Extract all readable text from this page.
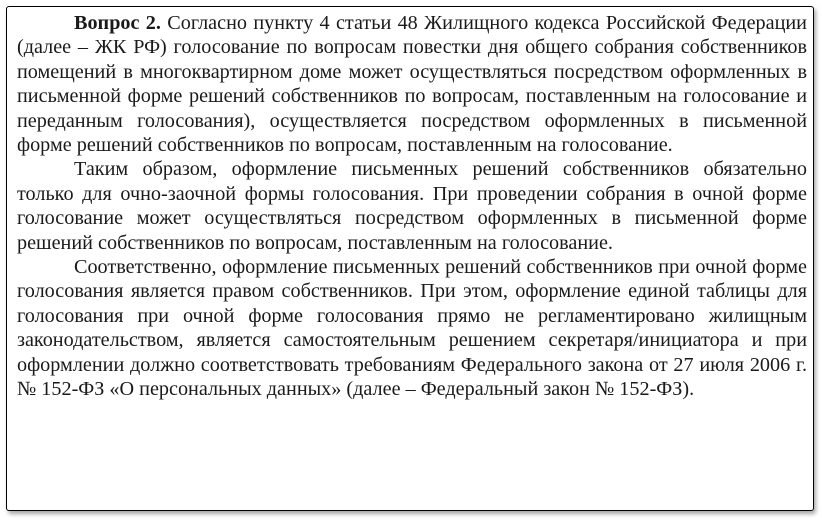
Вопрос 2. Согласно пункту 4 статьи 48 Жилищного кодекса Российской Федерации (далее – ЖК РФ) голосование по вопросам повестки дня общего собрания собственников помещений в многоквартирном доме может осуществляться посредством оформленных в письменной форме решений собственников по вопросам, поставленным на голосование и переданным голосования), осуществляется посредством оформленных в письменной форме решений собственников по вопросам, поставленным на голосование.

Таким образом, оформление письменных решений собственников обязательно только для очно-заочной формы голосования. При проведении собрания в очной форме голосование может осуществляться посредством оформленных в письменной форме решений собственников по вопросам, поставленным на голосование.

Соответственно, оформление письменных решений собственников при очной форме голосования является правом собственников. При этом, оформление единой таблицы для голосования при очной форме голосования прямо не регламентировано жилищным законодательством, является самостоятельным решением секретаря/инициатора и при оформлении должно соответствовать требованиям Федерального закона от 27 июля 2006 г. № 152-ФЗ «О персональных данных» (далее – Федеральный закон № 152-ФЗ).
